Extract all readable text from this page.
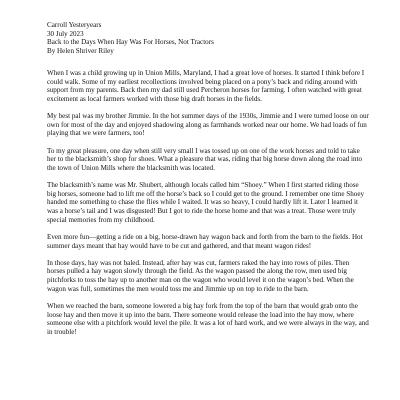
Carroll Yesteryears
30 July 2023
Back to the Days When Hay Was For Horses, Not Tractors
By Helen Shriver Riley

When I was a child growing up in Union Mills, Maryland, I had a great love of horses. It started I think before I could walk. Some of my earliest recollections involved being placed on a pony’s back and riding around with support from my parents. Back then my dad still used Percheron horses for farming. I often watched with great excitement as local farmers worked with those big draft horses in the fields.

My best pal was my brother Jimmie. In the hot summer days of the 1930s, Jimmie and I were turned loose on our own for most of the day and enjoyed shadowing along as farmhands worked near our home. We had loads of fun playing that we were farmers, too!

To my great pleasure, one day when still very small I was tossed up on one of the work horses and told to take her to the blacksmith’s shop for shoes. What a pleasure that was, riding that big horse down along the road into the town of Union Mills where the blacksmith was located.

The blacksmith’s name was Mr. Shubert, although locals called him “Shoey.” When I first started riding those big horses, someone had to lift me off the horse’s back so I could get to the ground. I remember one time Shoey handed me something to chase the flies while I waited. It was so heavy, I could hardly lift it. Later I learned it was a horse’s tail and I was disgusted! But I got to ride the horse home and that was a treat. Those were truly special memories from my childhood.

Even more fun—getting a ride on a big, horse-drawn hay wagon back and forth from the barn to the fields. Hot summer days meant that hay would have to be cut and gathered, and that meant wagon rides!

In those days, hay was not baled. Instead, after hay was cut, farmers raked the hay into rows of piles. Then horses pulled a hay wagon slowly through the field. As the wagon passed the along the row, men used big pitchforks to toss the hay up to another man on the wagon who would level it on the wagon’s bed. When the wagon was full, sometimes the men would toss me and Jimmie up on top to ride to the barn.

When we reached the barn, someone lowered a big hay fork from the top of the barn that would grab onto the loose hay and then move it up into the barn. There someone would release the load into the hay mow, where someone else with a pitchfork would level the pile. It was a lot of hard work, and we were always in the way, and in trouble!
